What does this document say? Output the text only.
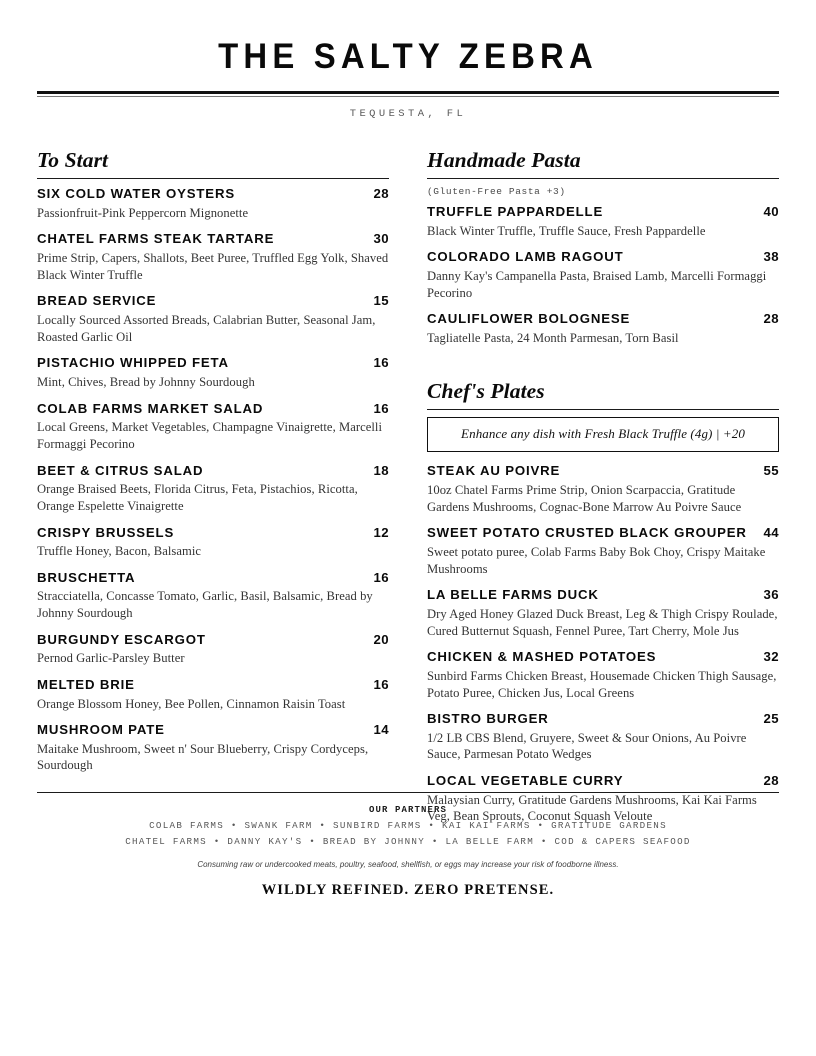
THE SALTY ZEBRA
TEQUESTA, FL
To Start
SIX COLD WATER OYSTERS	28
Passionfruit-Pink Peppercorn Mignonette
CHATEL FARMS STEAK TARTARE	30
Prime Strip, Capers, Shallots, Beet Puree, Truffled Egg Yolk, Shaved Black Winter Truffle
BREAD SERVICE	15
Locally Sourced Assorted Breads, Calabrian Butter, Seasonal Jam, Roasted Garlic Oil
PISTACHIO WHIPPED FETA	16
Mint, Chives, Bread by Johnny Sourdough
COLAB FARMS MARKET SALAD	16
Local Greens, Market Vegetables, Champagne Vinaigrette, Marcelli Formaggi Pecorino
BEET & CITRUS SALAD	18
Orange Braised Beets, Florida Citrus, Feta, Pistachios, Ricotta, Orange Espelette Vinaigrette
CRISPY BRUSSELS	12
Truffle Honey, Bacon, Balsamic
BRUSCHETTA	16
Stracciatella, Concasse Tomato, Garlic, Basil, Balsamic, Bread by Johnny Sourdough
BURGUNDY ESCARGOT	20
Pernod Garlic-Parsley Butter
MELTED BRIE	16
Orange Blossom Honey, Bee Pollen, Cinnamon Raisin Toast
MUSHROOM PATE	14
Maitake Mushroom, Sweet n' Sour Blueberry, Crispy Cordyceps, Sourdough
Handmade Pasta
(Gluten-Free Pasta +3)
TRUFFLE PAPPARDELLE	40
Black Winter Truffle, Truffle Sauce, Fresh Pappardelle
COLORADO LAMB RAGOUT	38
Danny Kay's Campanella Pasta, Braised Lamb, Marcelli Formaggi Pecorino
CAULIFLOWER BOLOGNESE	28
Tagliatelle Pasta, 24 Month Parmesan, Torn Basil
Chef's Plates
Enhance any dish with Fresh Black Truffle (4g) | +20
STEAK AU POIVRE	55
10oz Chatel Farms Prime Strip, Onion Scarpaccia, Gratitude Gardens Mushrooms, Cognac-Bone Marrow Au Poivre Sauce
SWEET POTATO CRUSTED BLACK GROUPER 44
Sweet potato puree, Colab Farms Baby Bok Choy, Crispy Maitake Mushrooms
LA BELLE FARMS DUCK	36
Dry Aged Honey Glazed Duck Breast, Leg & Thigh Crispy Roulade, Cured Butternut Squash, Fennel Puree, Tart Cherry, Mole Jus
CHICKEN & MASHED POTATOES	32
Sunbird Farms Chicken Breast, Housemade Chicken Thigh Sausage, Potato Puree, Chicken Jus, Local Greens
BISTRO BURGER	25
1/2 LB CBS Blend, Gruyere, Sweet & Sour Onions, Au Poivre Sauce, Parmesan Potato Wedges
LOCAL VEGETABLE CURRY	28
Malaysian Curry, Gratitude Gardens Mushrooms, Kai Kai Farms Veg, Bean Sprouts, Coconut Squash Veloute
OUR PARTNERS
COLAB FARMS • SWANK FARM • SUNBIRD FARMS • KAI KAI FARMS • GRATITUDE GARDENS
CHATEL FARMS • DANNY KAY'S • BREAD BY JOHNNY • LA BELLE FARM • COD & CAPERS SEAFOOD
Consuming raw or undercooked meats, poultry, seafood, shellfish, or eggs may increase your risk of foodborne illness.
WILDLY REFINED. ZERO PRETENSE.
